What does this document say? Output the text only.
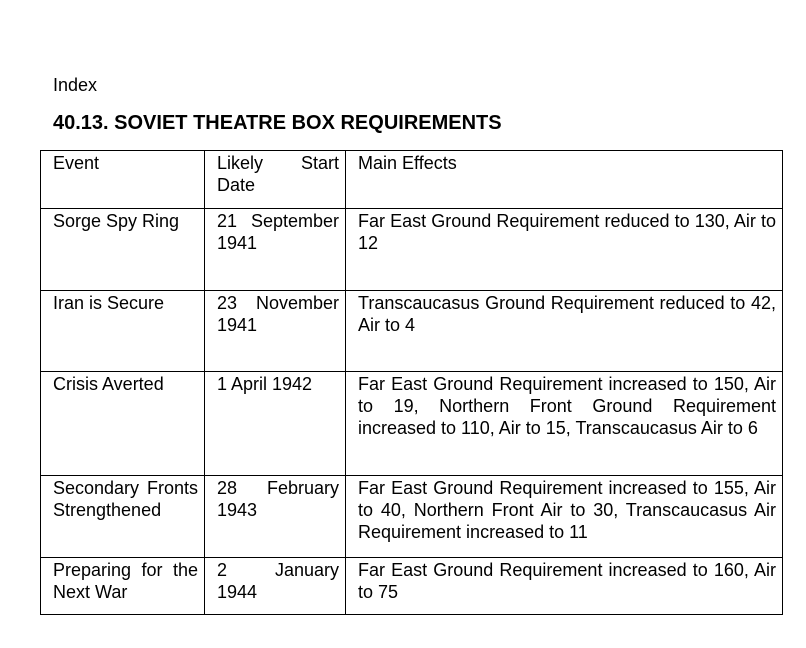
Index
40.13. SOVIET THEATRE BOX REQUIREMENTS
Event	Likely Start Date	Main Effects
Sorge Spy Ring	21 September 1941	Far East Ground Requirement reduced to 130, Air to 12
Iran is Secure	23 November 1941	Transcaucasus Ground Requirement reduced to 42, Air to 4
Crisis Averted	1 April 1942	Far East Ground Requirement increased to 150, Air to 19, Northern Front Ground Requirement increased to 110, Air to 15, Transcaucasus Air to 6
Secondary Fronts Strengthened	28 February 1943	Far East Ground Requirement increased to 155, Air to 40, Northern Front Air to 30, Transcaucasus Air Requirement increased to 11
Preparing for the Next War	2 January 1944	Far East Ground Requirement increased to 160, Air to 75
